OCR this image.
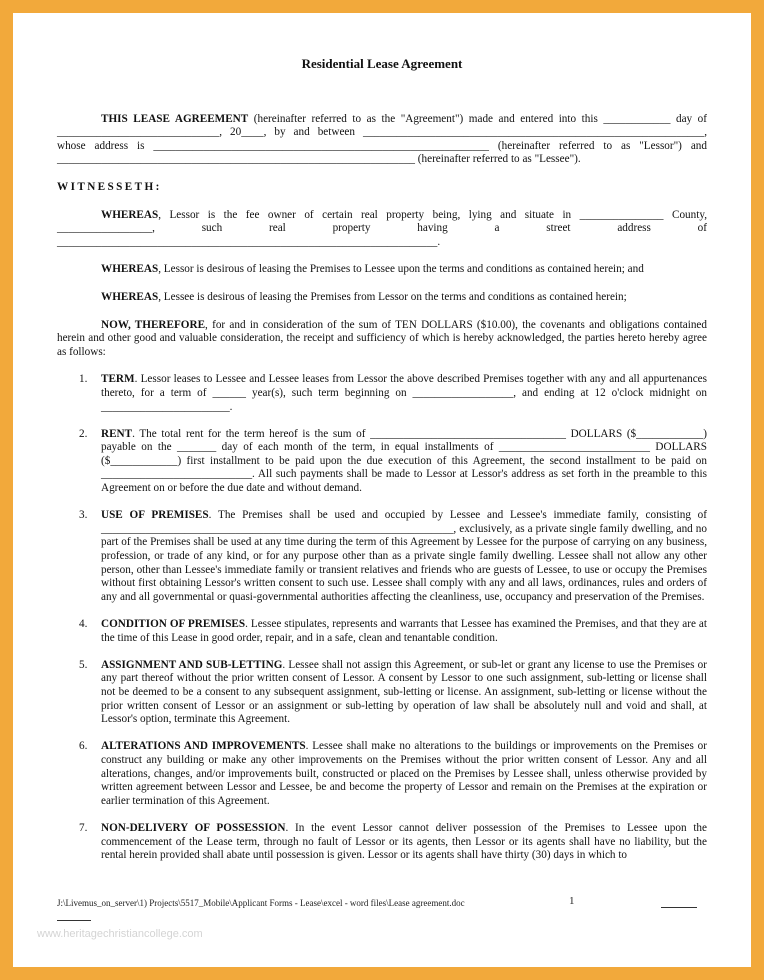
Residential Lease Agreement

THIS LEASE AGREEMENT (hereinafter referred to as the "Agreement") made and entered into this ____________ day of _____________________________, 20____, by and between _____________________________________________________________, whose address is ____________________________________________________________ (hereinafter referred to as "Lessor") and ________________________________________________________________ (hereinafter referred to as "Lessee").

WITNESSETH:

WHEREAS, Lessor is the fee owner of certain real property being, lying and situate in _______________ County, _________________, such real property having a street address of ____________________________________________________________________.

WHEREAS, Lessor is desirous of leasing the Premises to Lessee upon the terms and conditions as contained herein; and

WHEREAS, Lessee is desirous of leasing the Premises from Lessor on the terms and conditions as contained herein;

NOW, THEREFORE, for and in consideration of the sum of TEN DOLLARS ($10.00), the covenants and obligations contained herein and other good and valuable consideration, the receipt and sufficiency of which is hereby acknowledged, the parties hereto hereby agree as follows:

1. TERM. Lessor leases to Lessee and Lessee leases from Lessor the above described Premises together with any and all appurtenances thereto, for a term of ______ year(s), such term beginning on __________________, and ending at 12 o'clock midnight on _______________________.
2. RENT. The total rent for the term hereof is the sum of ___________________________________ DOLLARS ($____________) payable on the _______ day of each month of the term, in equal installments of ___________________________ DOLLARS ($____________) first installment to be paid upon the due execution of this Agreement, the second installment to be paid on ___________________________. All such payments shall be made to Lessor at Lessor's address as set forth in the preamble to this Agreement on or before the due date and without demand.
3. USE OF PREMISES. The Premises shall be used and occupied by Lessee and Lessee's immediate family, consisting of _______________________________________________________________, exclusively, as a private single family dwelling, and no part of the Premises shall be used at any time during the term of this Agreement by Lessee for the purpose of carrying on any business, profession, or trade of any kind, or for any purpose other than as a private single family dwelling. Lessee shall not allow any other person, other than Lessee's immediate family or transient relatives and friends who are guests of Lessee, to use or occupy the Premises without first obtaining Lessor's written consent to such use. Lessee shall comply with any and all laws, ordinances, rules and orders of any and all governmental or quasi-governmental authorities affecting the cleanliness, use, occupancy and preservation of the Premises.
4. CONDITION OF PREMISES. Lessee stipulates, represents and warrants that Lessee has examined the Premises, and that they are at the time of this Lease in good order, repair, and in a safe, clean and tenantable condition.
5. ASSIGNMENT AND SUB-LETTING. Lessee shall not assign this Agreement, or sub-let or grant any license to use the Premises or any part thereof without the prior written consent of Lessor. A consent by Lessor to one such assignment, sub-letting or license shall not be deemed to be a consent to any subsequent assignment, sub-letting or license. An assignment, sub-letting or license without the prior written consent of Lessor or an assignment or sub-letting by operation of law shall be absolutely null and void and shall, at Lessor's option, terminate this Agreement.
6. ALTERATIONS AND IMPROVEMENTS. Lessee shall make no alterations to the buildings or improvements on the Premises or construct any building or make any other improvements on the Premises without the prior written consent of Lessor. Any and all alterations, changes, and/or improvements built, constructed or placed on the Premises by Lessee shall, unless otherwise provided by written agreement between Lessor and Lessee, be and become the property of Lessor and remain on the Premises at the expiration or earlier termination of this Agreement.
7. NON-DELIVERY OF POSSESSION. In the event Lessor cannot deliver possession of the Premises to Lessee upon the commencement of the Lease term, through no fault of Lessor or its agents, then Lessor or its agents shall have no liability, but the rental herein provided shall abate until possession is given. Lessor or its agents shall have thirty (30) days in which to
J:\Livemus_on_server\1) Projects\5517_Mobile\Applicant Forms - Lease\excel - word files\Lease agreement.doc	1
www.heritagechristiancollege.com
